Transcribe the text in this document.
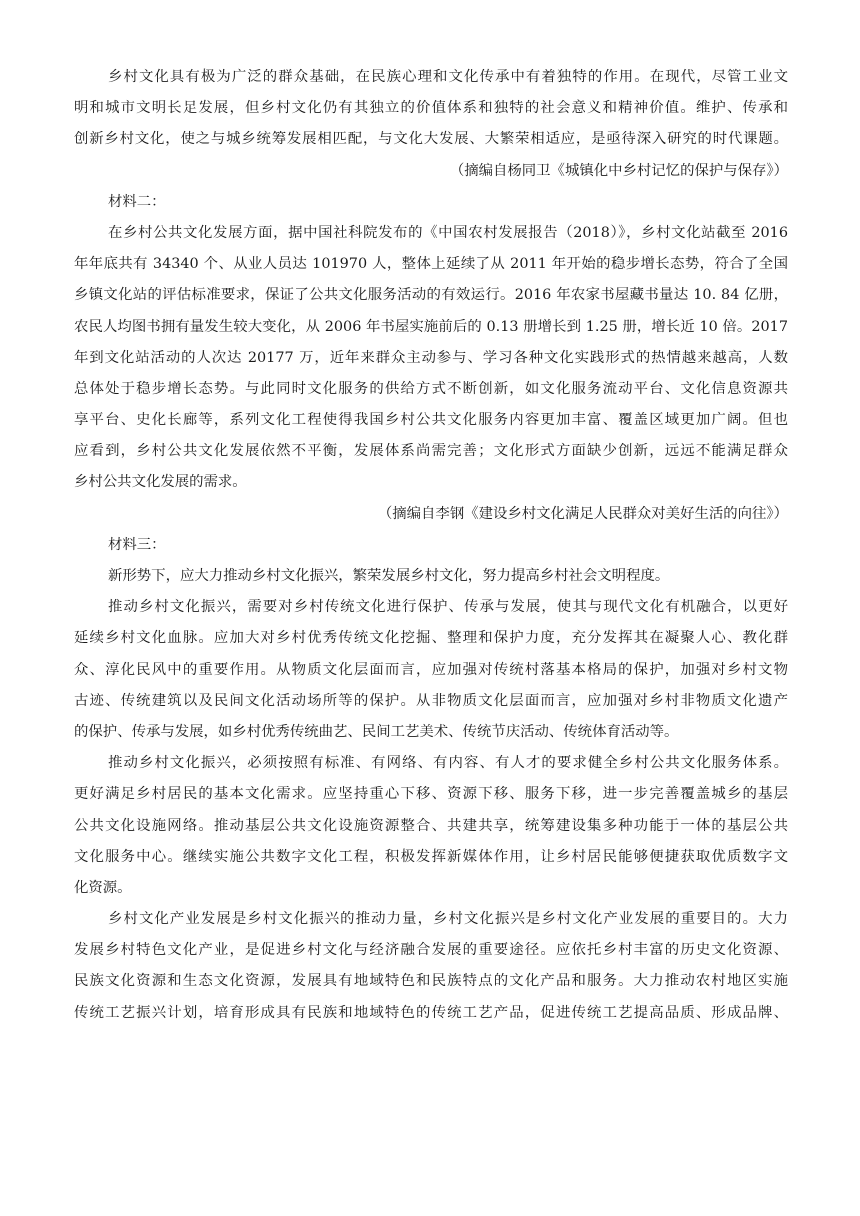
乡村文化具有极为广泛的群众基础，在民族心理和文化传承中有着独特的作用。在现代，尽管工业文
明和城市文明长足发展，但乡村文化仍有其独立的价值体系和独特的社会意义和精神价值。维护、传承和
创新乡村文化，使之与城乡统筹发展相匹配，与文化大发展、大繁荣相适应，是亟待深入研究的时代课题。
（摘编自杨同卫《城镇化中乡村记忆的保护与保存》）
材料二：
在乡村公共文化发展方面，据中国社科院发布的《中国农村发展报告（2018）》，乡村文化站截至 2016
年年底共有 34340 个、从业人员达 101970 人，整体上延续了从 2011 年开始的稳步增长态势，符合了全国
乡镇文化站的评估标准要求，保证了公共文化服务活动的有效运行。2016 年农家书屋藏书量达 10. 84 亿册，
农民人均图书拥有量发生较大变化，从 2006 年书屋实施前后的 0.13 册增长到 1.25 册，增长近 10 倍。2017
年到文化站活动的人次达 20177 万，近年来群众主动参与、学习各种文化实践形式的热情越来越高，人数
总体处于稳步增长态势。与此同时文化服务的供给方式不断创新，如文化服务流动平台、文化信息资源共
享平台、史化长廊等，系列文化工程使得我国乡村公共文化服务内容更加丰富、覆盖区域更加广阔。但也
应看到，乡村公共文化发展依然不平衡，发展体系尚需完善；文化形式方面缺少创新，远远不能满足群众
乡村公共文化发展的需求。
（摘编自李钢《建设乡村文化满足人民群众对美好生活的向往》）
材料三：
新形势下，应大力推动乡村文化振兴，繁荣发展乡村文化，努力提高乡村社会文明程度。
推动乡村文化振兴，需要对乡村传统文化进行保护、传承与发展，使其与现代文化有机融合，以更好
延续乡村文化血脉。应加大对乡村优秀传统文化挖掘、整理和保护力度，充分发挥其在凝聚人心、教化群
众、淳化民风中的重要作用。从物质文化层面而言，应加强对传统村落基本格局的保护，加强对乡村文物
古迹、传统建筑以及民间文化活动场所等的保护。从非物质文化层面而言，应加强对乡村非物质文化遗产
的保护、传承与发展，如乡村优秀传统曲艺、民间工艺美术、传统节庆活动、传统体育活动等。
推动乡村文化振兴，必须按照有标准、有网络、有内容、有人才的要求健全乡村公共文化服务体系。
更好满足乡村居民的基本文化需求。应坚持重心下移、资源下移、服务下移，进一步完善覆盖城乡的基层
公共文化设施网络。推动基层公共文化设施资源整合、共建共享，统筹建设集多种功能于一体的基层公共
文化服务中心。继续实施公共数字文化工程，积极发挥新媒体作用，让乡村居民能够便捷获取优质数字文
化资源。
乡村文化产业发展是乡村文化振兴的推动力量，乡村文化振兴是乡村文化产业发展的重要目的。大力
发展乡村特色文化产业，是促进乡村文化与经济融合发展的重要途径。应依托乡村丰富的历史文化资源、
民族文化资源和生态文化资源，发展具有地域特色和民族特点的文化产品和服务。大力推动农村地区实施
传统工艺振兴计划，培育形成具有民族和地域特色的传统工艺产品，促进传统工艺提高品质、形成品牌、
